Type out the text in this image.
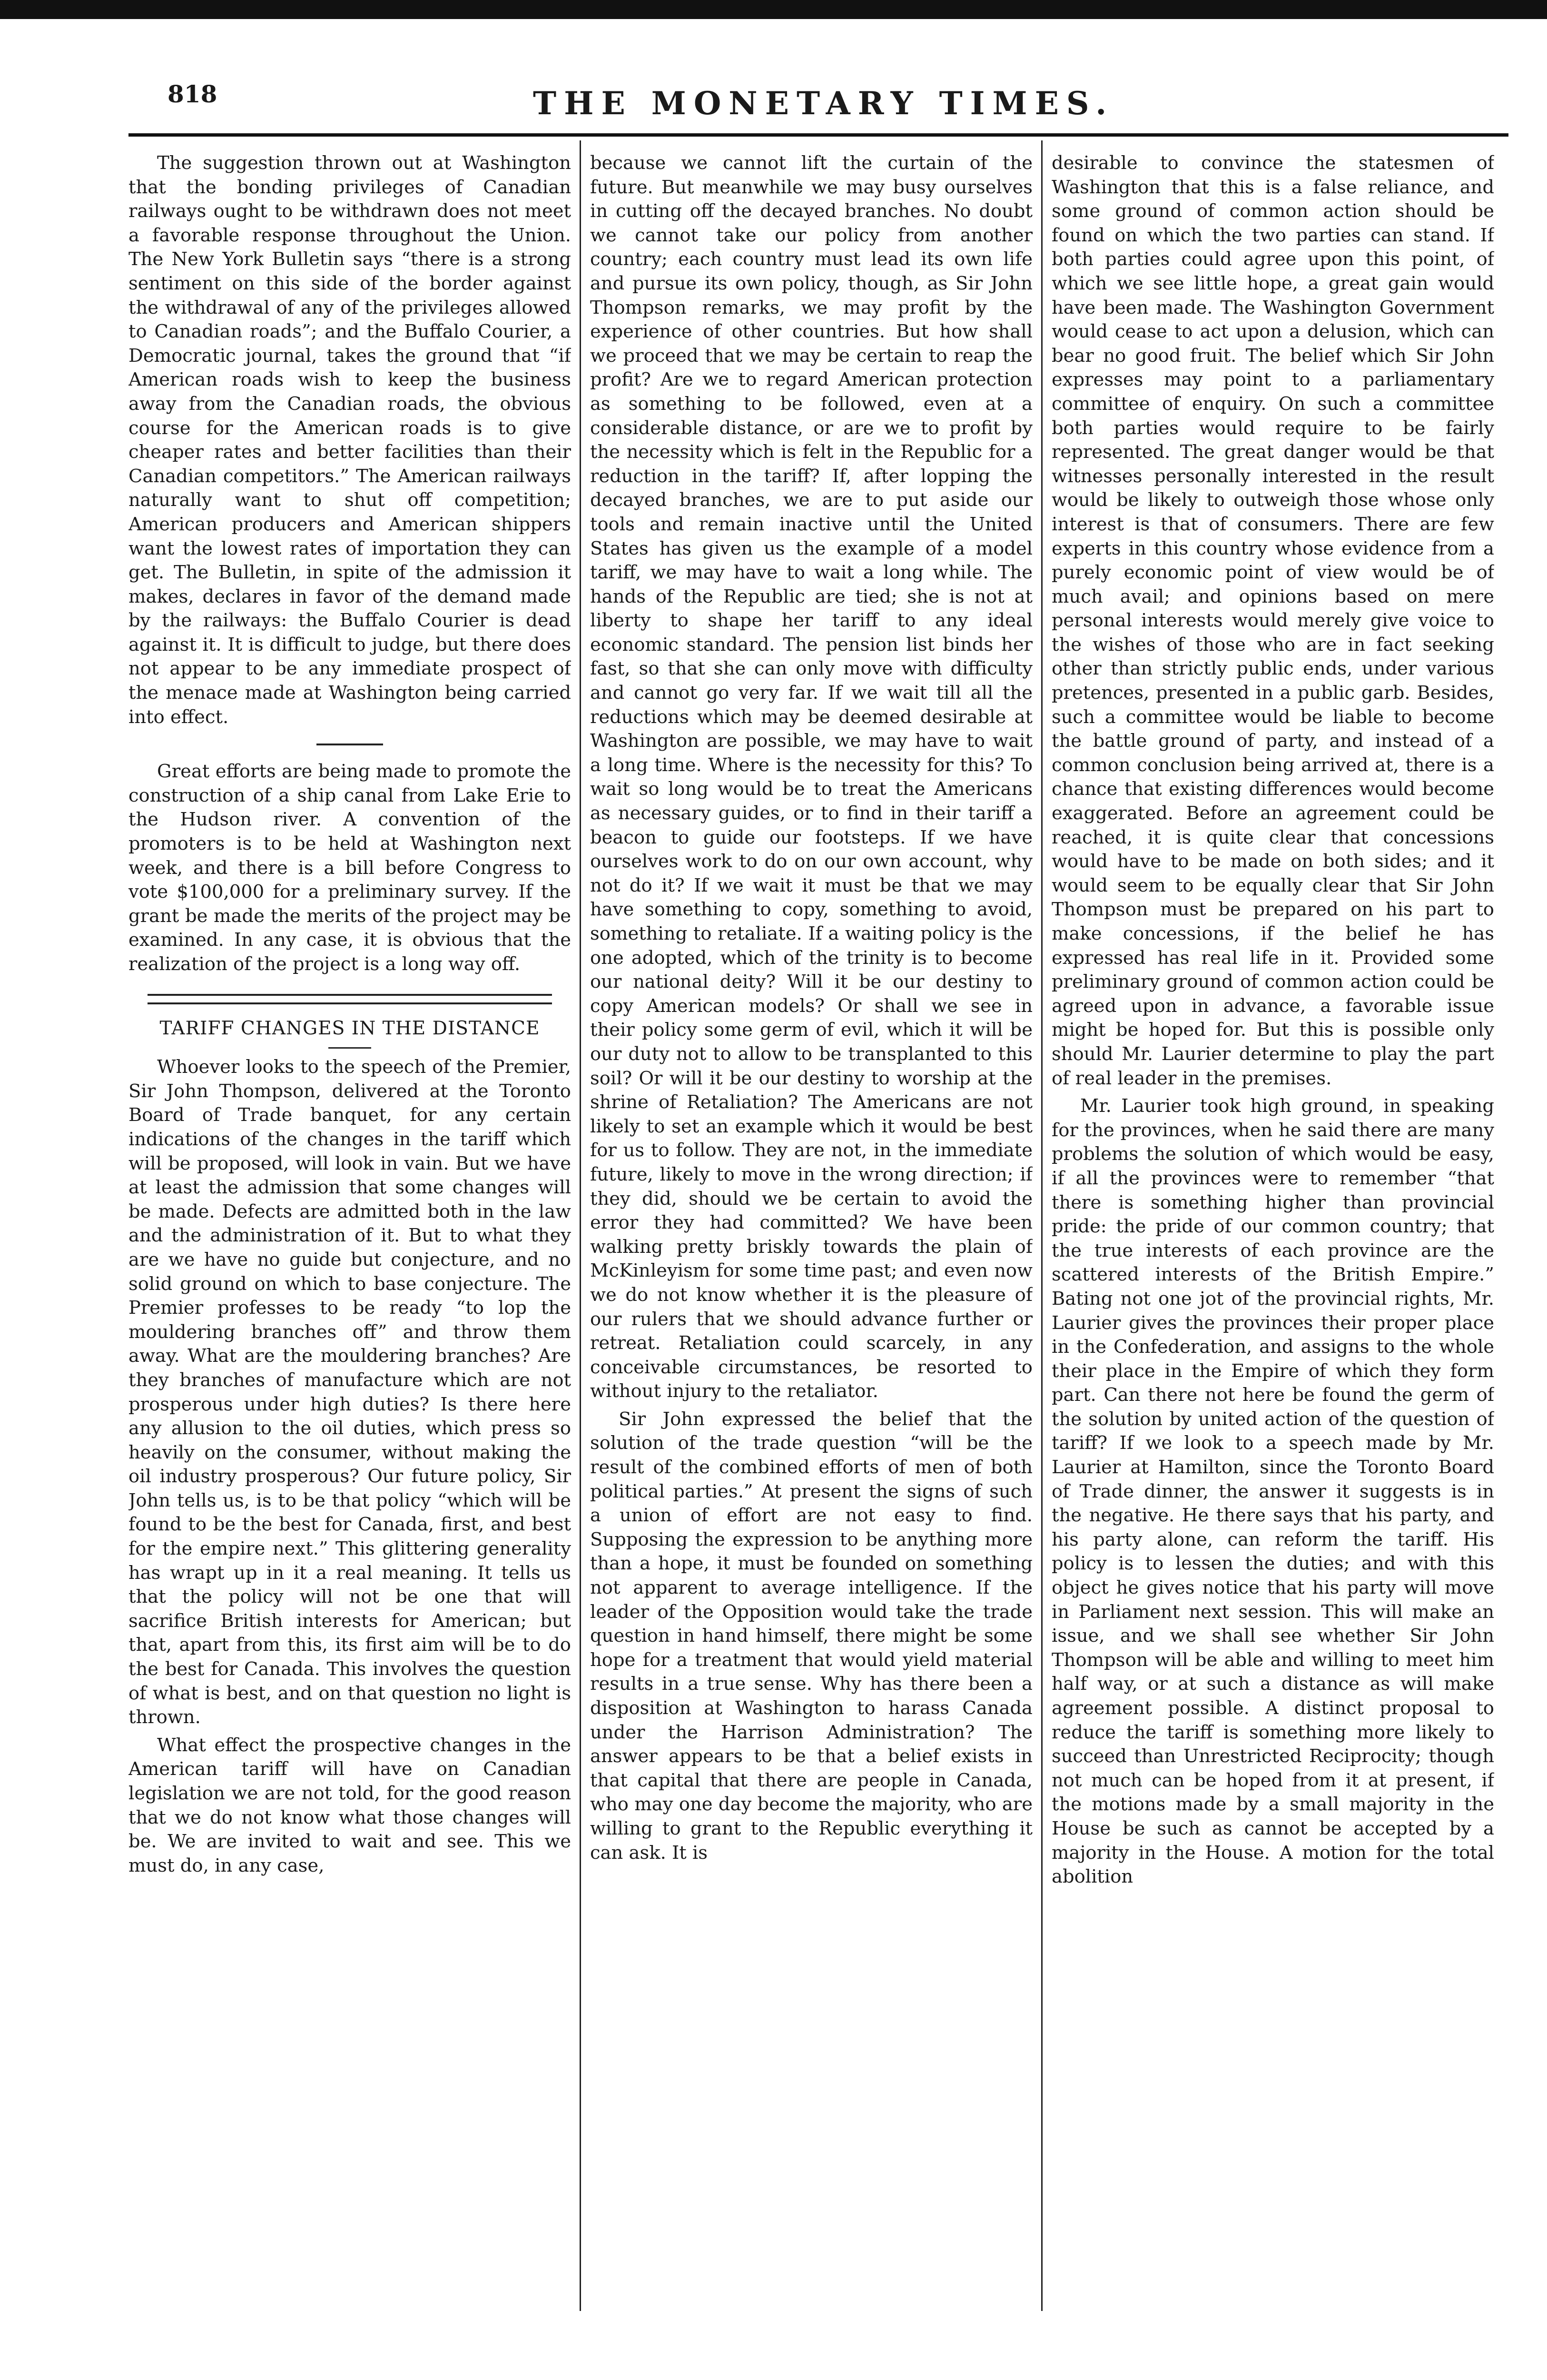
818	THE MONETARY TIMES.

The suggestion thrown out at Washington that the bonding privileges of Canadian railways ought to be withdrawn does not meet a favorable response throughout the Union. The New York Bulletin says “there is a strong sentiment on this side of the border against the withdrawal of any of the privileges allowed to Canadian roads”; and the Buffalo Courier, a Democratic journal, takes the ground that “if American roads wish to keep the business away from the Canadian roads, the obvious course for the American roads is to give cheaper rates and better facilities than their Canadian competitors.” The American railways naturally want to shut off competition; American producers and American shippers want the lowest rates of importation they can get. The Bulletin, in spite of the admission it makes, declares in favor of the demand made by the railways: the Buffalo Courier is dead against it. It is difficult to judge, but there does not appear to be any immediate prospect of the menace made at Washington being carried into effect.

Great efforts are being made to promote the construction of a ship canal from Lake Erie to the Hudson river. A convention of the promoters is to be held at Washington next week, and there is a bill before Congress to vote $100,000 for a preliminary survey. If the grant be made the merits of the project may be examined. In any case, it is obvious that the realization of the project is a long way off.

TARIFF CHANGES IN THE DISTANCE

Whoever looks to the speech of the Premier, Sir John Thompson, delivered at the Toronto Board of Trade banquet, for any certain indications of the changes in the tariff which will be proposed, will look in vain. But we have at least the admission that some changes will be made. Defects are admitted both in the law and the administration of it. But to what they are we have no guide but conjecture, and no solid ground on which to base conjecture. The Premier professes to be ready “to lop the mouldering branches off” and throw them away. What are the mouldering branches? Are they branches of manufacture which are not prosperous under high duties? Is there here any allusion to the oil duties, which press so heavily on the consumer, without making the oil industry prosperous? Our future policy, Sir John tells us, is to be that policy “which will be found to be the best for Canada, first, and best for the empire next.” This glittering generality has wrapt up in it a real meaning. It tells us that the policy will not be one that will sacrifice British interests for American; but that, apart from this, its first aim will be to do the best for Canada. This involves the question of what is best, and on that question no light is thrown.

What effect the prospective changes in the American tariff will have on Canadian legislation we are not told, for the good reason that we do not know what those changes will be. We are invited to wait and see. This we must do, in any case,

because we cannot lift the curtain of the future. But meanwhile we may busy ourselves in cutting off the decayed branches. No doubt we cannot take our policy from another country; each country must lead its own life and pursue its own policy, though, as Sir John Thompson remarks, we may profit by the experience of other countries. But how shall we proceed that we may be certain to reap the profit? Are we to regard American protection as something to be followed, even at a considerable distance, or are we to profit by the necessity which is felt in the Republic for a reduction in the tariff? If, after lopping the decayed branches, we are to put aside our tools and remain inactive until the United States has given us the example of a model tariff, we may have to wait a long while. The hands of the Republic are tied; she is not at liberty to shape her tariff to any ideal economic standard. The pension list binds her fast, so that she can only move with difficulty and cannot go very far. If we wait till all the reductions which may be deemed desirable at Washington are possible, we may have to wait a long time. Where is the necessity for this? To wait so long would be to treat the Americans as necessary guides, or to find in their tariff a beacon to guide our footsteps. If we have ourselves work to do on our own account, why not do it? If we wait it must be that we may have something to copy, something to avoid, something to retaliate. If a waiting policy is the one adopted, which of the trinity is to become our national deity? Will it be our destiny to copy American models? Or shall we see in their policy some germ of evil, which it will be our duty not to allow to be transplanted to this soil? Or will it be our destiny to worship at the shrine of Retaliation? The Americans are not likely to set an example which it would be best for us to follow. They are not, in the immediate future, likely to move in the wrong direction; if they did, should we be certain to avoid the error they had committed? We have been walking pretty briskly towards the plain of McKinleyism for some time past; and even now we do not know whether it is the pleasure of our rulers that we should advance further or retreat. Retaliation could scarcely, in any conceivable circumstances, be resorted to without injury to the retaliator.

Sir John expressed the belief that the solution of the trade question “will be the result of the combined efforts of men of both political parties.” At present the signs of such a union of effort are not easy to find. Supposing the expression to be anything more than a hope, it must be founded on something not apparent to average intelligence. If the leader of the Opposition would take the trade question in hand himself, there might be some hope for a treatment that would yield material results in a true sense. Why has there been a disposition at Washington to harass Canada under the Harrison Administration? The answer appears to be that a belief exists in that capital that there are people in Canada, who may one day become the majority, who are willing to grant to the Republic everything it can ask. It is

desirable to convince the statesmen of Washington that this is a false reliance, and some ground of common action should be found on which the two parties can stand. If both parties could agree upon this point, of which we see little hope, a great gain would have been made. The Washington Government would cease to act upon a delusion, which can bear no good fruit. The belief which Sir John expresses may point to a parliamentary committee of enquiry. On such a committee both parties would require to be fairly represented. The great danger would be that witnesses personally interested in the result would be likely to outweigh those whose only interest is that of consumers. There are few experts in this country whose evidence from a purely economic point of view would be of much avail; and opinions based on mere personal interests would merely give voice to the wishes of those who are in fact seeking other than strictly public ends, under various pretences, presented in a public garb. Besides, such a committee would be liable to become the battle ground of party, and instead of a common conclusion being arrived at, there is a chance that existing differences would become exaggerated. Before an agreement could be reached, it is quite clear that concessions would have to be made on both sides; and it would seem to be equally clear that Sir John Thompson must be prepared on his part to make concessions, if the belief he has expressed has real life in it. Provided some preliminary ground of common action could be agreed upon in advance, a favorable issue might be hoped for. But this is possible only should Mr. Laurier determine to play the part of real leader in the premises.

Mr. Laurier took high ground, in speaking for the provinces, when he said there are many problems the solution of which would be easy, if all the provinces were to remember “that there is something higher than provincial pride: the pride of our common country; that the true interests of each province are the scattered interests of the British Empire.” Bating not one jot of the provincial rights, Mr. Laurier gives the provinces their proper place in the Confederation, and assigns to the whole their place in the Empire of which they form part. Can there not here be found the germ of the solution by united action of the question of tariff? If we look to a speech made by Mr. Laurier at Hamilton, since the Toronto Board of Trade dinner, the answer it suggests is in the negative. He there says that his party, and his party alone, can reform the tariff. His policy is to lessen the duties; and with this object he gives notice that his party will move in Parliament next session. This will make an issue, and we shall see whether Sir John Thompson will be able and willing to meet him half way, or at such a distance as will make agreement possible. A distinct proposal to reduce the tariff is something more likely to succeed than Unrestricted Reciprocity; though not much can be hoped from it at present, if the motions made by a small majority in the House be such as cannot be accepted by a majority in the House. A motion for the total abolition
